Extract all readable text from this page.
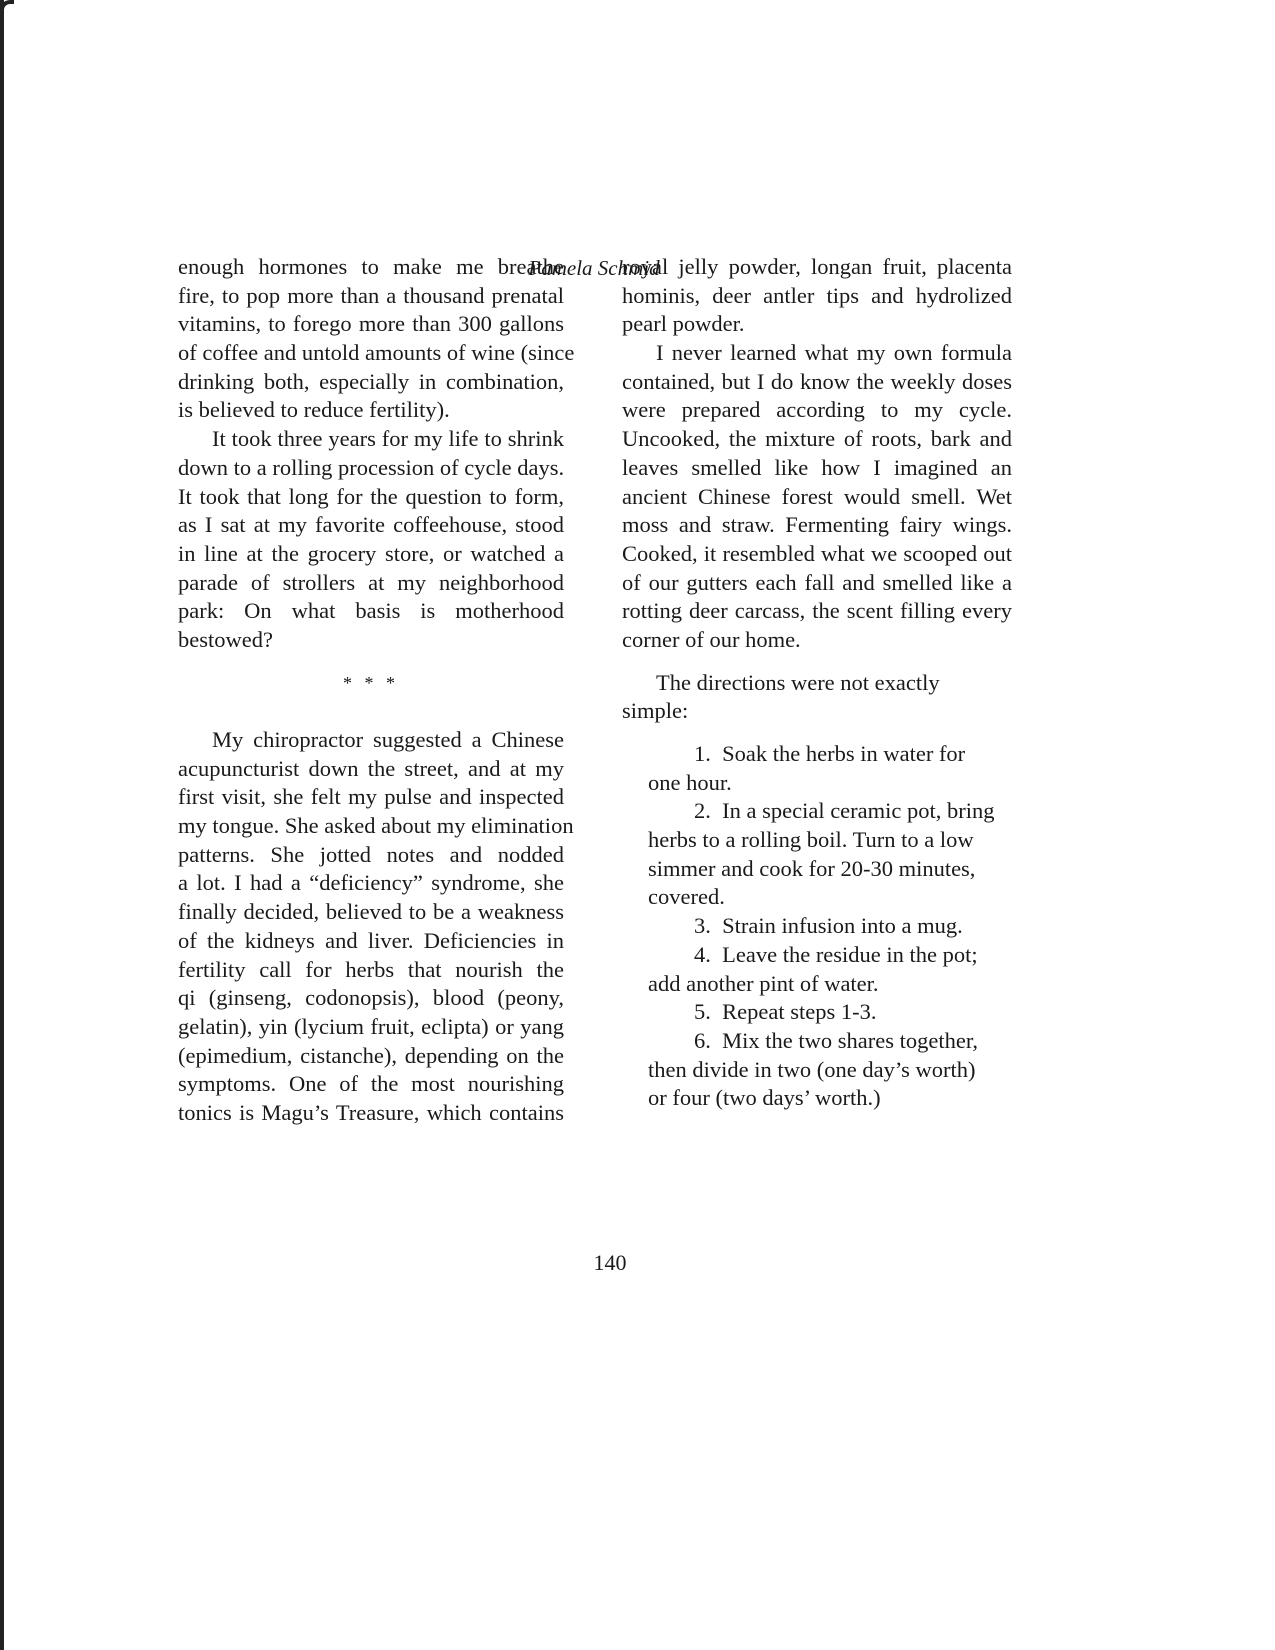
Pamela Schmid
enough hormones to make me breathe
fire, to pop more than a thousand prenatal
vitamins, to forego more than 300 gallons
of coffee and untold amounts of wine (since
drinking both, especially in combination,
is believed to reduce fertility).
It took three years for my life to shrink
down to a rolling procession of cycle days.
It took that long for the question to form,
as I sat at my favorite coffeehouse, stood
in line at the grocery store, or watched a
parade of strollers at my neighborhood
park: On what basis is motherhood
bestowed?
* * *
My chiropractor suggested a Chinese
acupuncturist down the street, and at my
first visit, she felt my pulse and inspected
my tongue. She asked about my elimination
patterns. She jotted notes and nodded
a lot. I had a “deficiency” syndrome, she
finally decided, believed to be a weakness
of the kidneys and liver. Deficiencies in
fertility call for herbs that nourish the
qi (ginseng, codonopsis), blood (peony,
gelatin), yin (lycium fruit, eclipta) or yang
(epimedium, cistanche), depending on the
symptoms. One of the most nourishing
tonics is Magu’s Treasure, which contains
royal jelly powder, longan fruit, placenta
hominis, deer antler tips and hydrolized
pearl powder.
I never learned what my own formula
contained, but I do know the weekly doses
were prepared according to my cycle.
Uncooked, the mixture of roots, bark and
leaves smelled like how I imagined an
ancient Chinese forest would smell. Wet
moss and straw. Fermenting fairy wings.
Cooked, it resembled what we scooped out
of our gutters each fall and smelled like a
rotting deer carcass, the scent filling every
corner of our home.
The directions were not exactly
simple:
1. Soak the herbs in water for
one hour.
2. In a special ceramic pot, bring
herbs to a rolling boil. Turn to a low
simmer and cook for 20-30 minutes,
covered.
3. Strain infusion into a mug.
4. Leave the residue in the pot;
add another pint of water.
5. Repeat steps 1-3.
6. Mix the two shares together,
then divide in two (one day’s worth)
or four (two days’ worth.)
140
